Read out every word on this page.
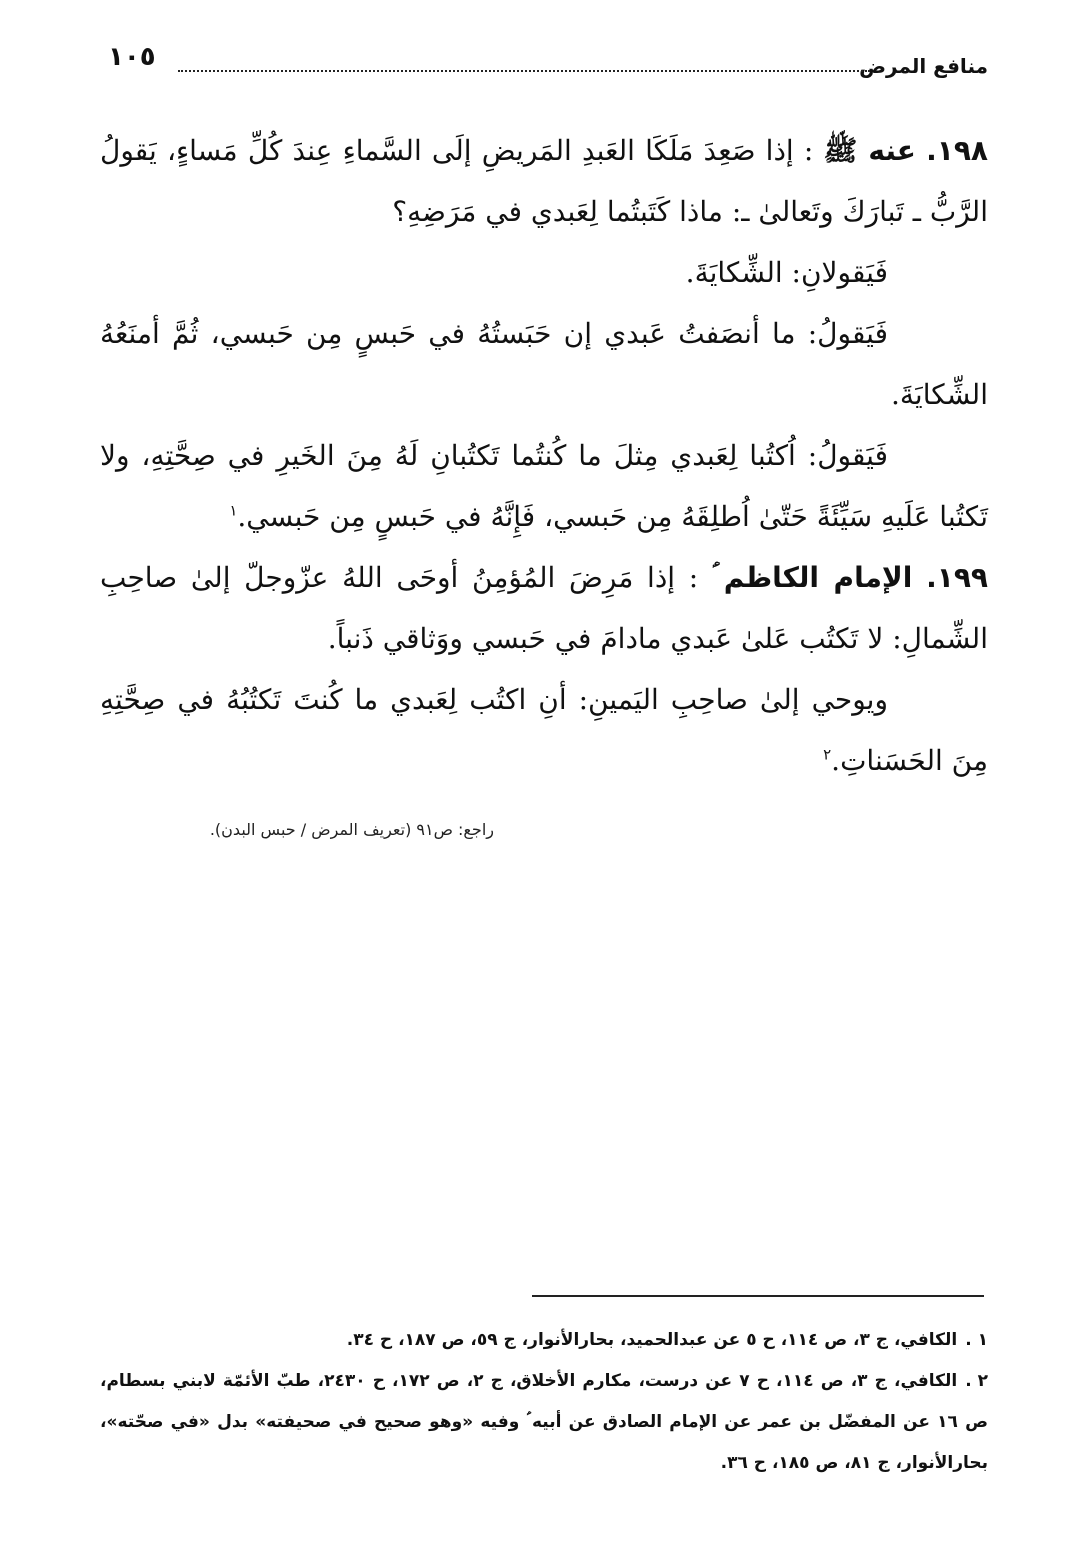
منافع المرض
١٠٥

١٩٨. عنه ﷺ : إذا صَعِدَ مَلَكَا العَبدِ المَريضِ إلَى السَّماءِ عِندَ كُلِّ مَساءٍ، يَقولُ الرَّبُّ ـ تَبارَكَ وتَعالىٰ ـ: ماذا كَتَبتُما لِعَبدي في مَرَضِهِ؟

فَيَقولانِ: الشِّكايَةَ.

فَيَقولُ: ما أنصَفتُ عَبدي إن حَبَستُهُ في حَبسٍ مِن حَبسي، ثُمَّ أمنَعُهُ الشِّكايَةَ.

فَيَقولُ: اُكتُبا لِعَبدي مِثلَ ما كُنتُما تَكتُبانِ لَهُ مِنَ الخَيرِ في صِحَّتِهِ، ولا تَكتُبا عَلَيهِ سَيِّئَةً حَتّىٰ اُطلِقَهُ مِن حَبسي، فَإِنَّهُ في حَبسٍ مِن حَبسي.$^١$

١٩٩. الإمام الكاظم ؑ : إذا مَرِضَ المُؤمِنُ أوحَى اللهُ عزّوجلّ إلىٰ صاحِبِ الشِّمالِ: لا تَكتُب عَلىٰ عَبدي مادامَ في حَبسي ووَثاقي ذَنباً.

ويوحي إلىٰ صاحِبِ اليَمينِ: أنِ اكتُب لِعَبدي ما كُنتَ تَكتُبُهُ في صِحَّتِهِ مِنَ الحَسَناتِ.$^٢$

راجع: ص٩١ (تعريف المرض / حبس البدن).

١ .الكافي، ج ٣، ص ١١٤، ح ٥ عن عبدالحميد، بحارالأنوار، ج ٥٩، ص ١٨٧، ح ٣٤.

٢ .الكافي، ج ٣، ص ١١٤، ح ٧ عن درست، مكارم الأخلاق، ج ٢، ص ١٧٢، ح ٢٤٣٠، طبّ الأئمّة لابني بسطام، ص ١٦ عن المفضّل بن عمر عن الإمام الصادق عن أبيه ؑ وفيه «وهو صحيح في صحيفته» بدل «في صحّته»، بحارالأنوار، ج ٨١، ص ١٨٥، ح ٣٦.
